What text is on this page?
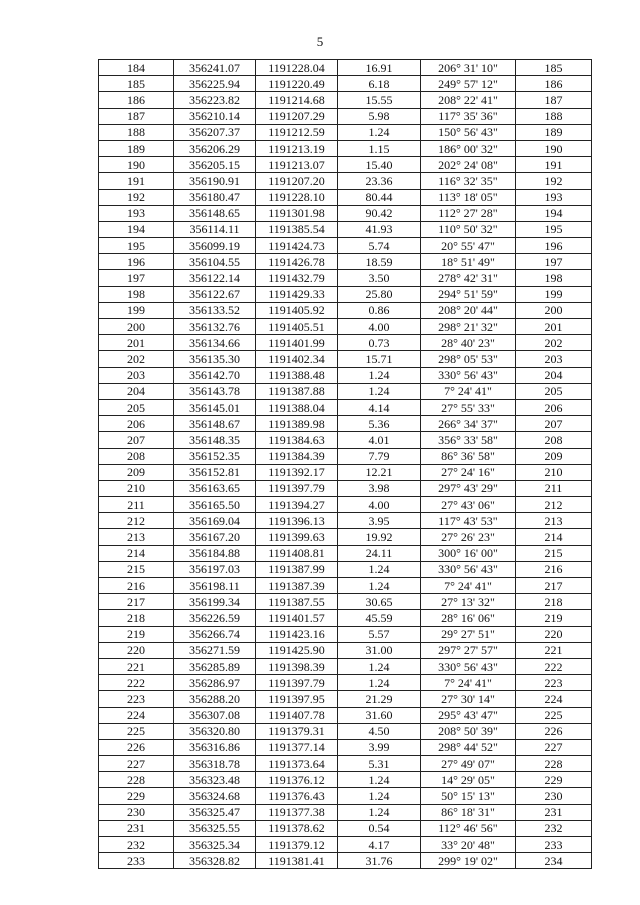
5
184	356241.07	1191228.04	16.91	206° 31' 10"	185
185	356225.94	1191220.49	6.18	249° 57' 12"	186
186	356223.82	1191214.68	15.55	208° 22' 41"	187
187	356210.14	1191207.29	5.98	117° 35' 36"	188
188	356207.37	1191212.59	1.24	150° 56' 43"	189
189	356206.29	1191213.19	1.15	186° 00' 32"	190
190	356205.15	1191213.07	15.40	202° 24' 08"	191
191	356190.91	1191207.20	23.36	116° 32' 35"	192
192	356180.47	1191228.10	80.44	113° 18' 05"	193
193	356148.65	1191301.98	90.42	112° 27' 28"	194
194	356114.11	1191385.54	41.93	110° 50' 32"	195
195	356099.19	1191424.73	5.74	20° 55' 47"	196
196	356104.55	1191426.78	18.59	18° 51' 49"	197
197	356122.14	1191432.79	3.50	278° 42' 31"	198
198	356122.67	1191429.33	25.80	294° 51' 59"	199
199	356133.52	1191405.92	0.86	208° 20' 44"	200
200	356132.76	1191405.51	4.00	298° 21' 32"	201
201	356134.66	1191401.99	0.73	28° 40' 23"	202
202	356135.30	1191402.34	15.71	298° 05' 53"	203
203	356142.70	1191388.48	1.24	330° 56' 43"	204
204	356143.78	1191387.88	1.24	7° 24' 41"	205
205	356145.01	1191388.04	4.14	27° 55' 33"	206
206	356148.67	1191389.98	5.36	266° 34' 37"	207
207	356148.35	1191384.63	4.01	356° 33' 58"	208
208	356152.35	1191384.39	7.79	86° 36' 58"	209
209	356152.81	1191392.17	12.21	27° 24' 16"	210
210	356163.65	1191397.79	3.98	297° 43' 29"	211
211	356165.50	1191394.27	4.00	27° 43' 06"	212
212	356169.04	1191396.13	3.95	117° 43' 53"	213
213	356167.20	1191399.63	19.92	27° 26' 23"	214
214	356184.88	1191408.81	24.11	300° 16' 00"	215
215	356197.03	1191387.99	1.24	330° 56' 43"	216
216	356198.11	1191387.39	1.24	7° 24' 41"	217
217	356199.34	1191387.55	30.65	27° 13' 32"	218
218	356226.59	1191401.57	45.59	28° 16' 06"	219
219	356266.74	1191423.16	5.57	29° 27' 51"	220
220	356271.59	1191425.90	31.00	297° 27' 57"	221
221	356285.89	1191398.39	1.24	330° 56' 43"	222
222	356286.97	1191397.79	1.24	7° 24' 41"	223
223	356288.20	1191397.95	21.29	27° 30' 14"	224
224	356307.08	1191407.78	31.60	295° 43' 47"	225
225	356320.80	1191379.31	4.50	208° 50' 39"	226
226	356316.86	1191377.14	3.99	298° 44' 52"	227
227	356318.78	1191373.64	5.31	27° 49' 07"	228
228	356323.48	1191376.12	1.24	14° 29' 05"	229
229	356324.68	1191376.43	1.24	50° 15' 13"	230
230	356325.47	1191377.38	1.24	86° 18' 31"	231
231	356325.55	1191378.62	0.54	112° 46' 56"	232
232	356325.34	1191379.12	4.17	33° 20' 48"	233
233	356328.82	1191381.41	31.76	299° 19' 02"	234
